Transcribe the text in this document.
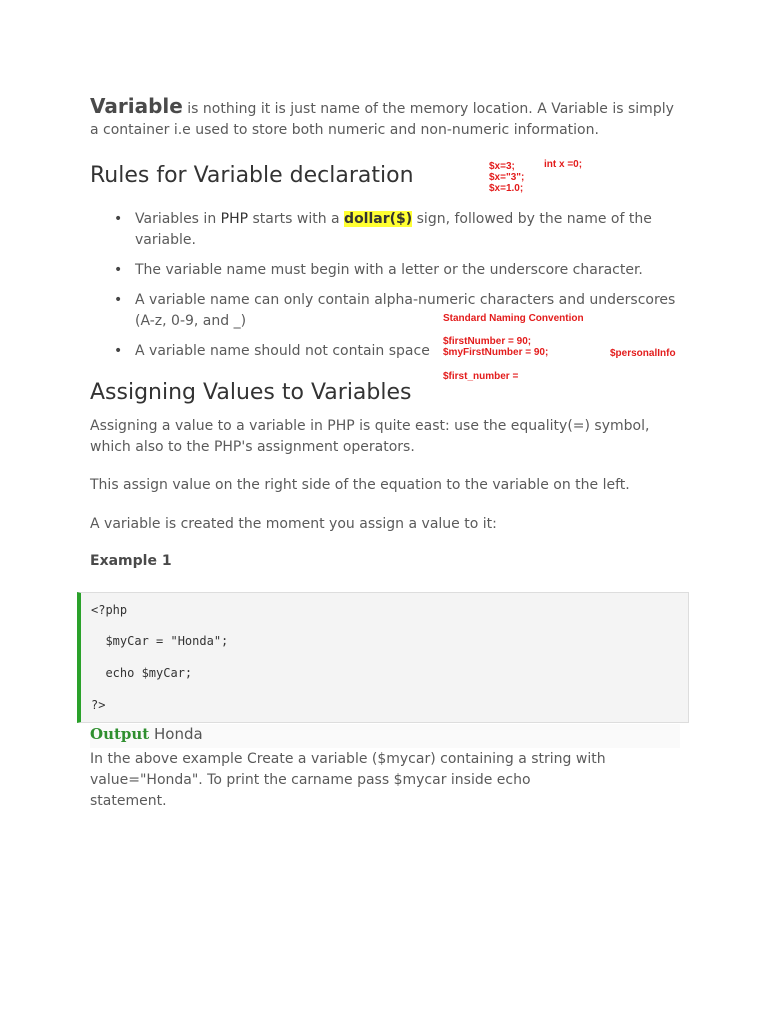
Variable is nothing it is just name of the memory location. A Variable is simply a container i.e used to store both numeric and non-numeric information.

Rules for Variable declaration	$x=3;
$x="3";
$x=1.0;
int x =0;
• Variables in PHP starts with a dollar($) sign, followed by the name of the variable.
• The variable name must begin with a letter or the underscore character.
• A variable name can only contain alpha-numeric characters and underscores (A-z, 0-9, and _)
• A variable name should not contain space
Standard Naming Convention
$firstNumber = 90;
$myFirstNumber = 90;	$personalInfo
$first_number =
Assigning Values to Variables

Assigning a value to a variable in PHP is quite east: use the equality(=) symbol, which also to the PHP's assignment operators.

This assign value on the right side of the equation to the variable on the left.

A variable is created the moment you assign a value to it:

Example 1
<?php
$myCar = "Honda";
echo $myCar;
?>
Output Honda

In the above example Create a variable ($mycar) containing a string with value="Honda". To print the carname pass $mycar inside echo statement.
